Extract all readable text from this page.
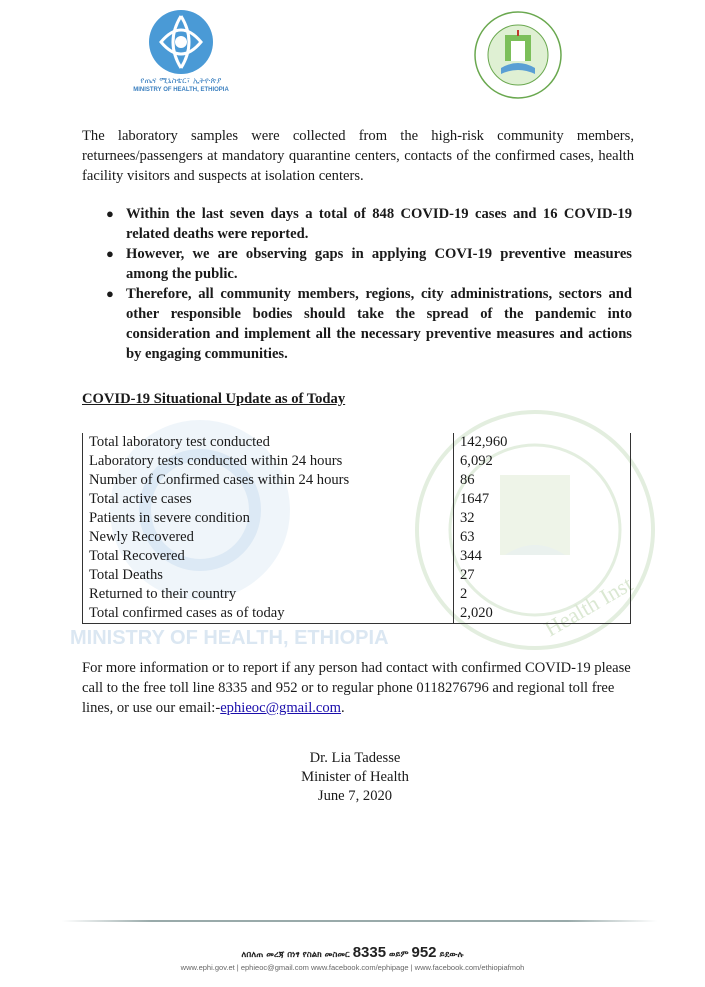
MINISTRY OF HEALTH, ETHIOPIA	Health Inst
የጤና ሚኒስቴር፣ ኢትዮጵያ
MINISTRY OF HEALTH, ETHIOPIA
The laboratory samples were collected from the high-risk community members, returnees/passengers at mandatory quarantine centers, contacts of the confirmed cases, health facility visitors and suspects at isolation centers.
● Within the last seven days a total of 848 COVID-19 cases and 16 COVID-19 related deaths were reported.
● However, we are observing gaps in applying COVI-19 preventive measures among the public.
● Therefore, all community members, regions, city administrations, sectors and other responsible bodies should take the spread of the pandemic into consideration and implement all the necessary preventive measures and actions by engaging communities.
COVID-19 Situational Update as of Today
Total laboratory test conducted	142,960
Laboratory tests conducted within 24 hours	6,092
Number of Confirmed cases within 24 hours	86
Total active cases	1647
Patients in severe condition	32
Newly Recovered	63
Total Recovered	344
Total Deaths	27
Returned to their country	2
Total confirmed cases as of today	2,020
For more information or to report if any person had contact with confirmed COVID-19 please call to the free toll line 8335 and 952 or to regular phone 0118276796 and regional toll free lines, or use our email:-ephieoc@gmail.com.
Dr. Lia Tadesse
Minister of Health
June 7, 2020
ለበለጠ መረጃ በነፃ የስልክ መስመር 8335 ወይም 952 ይደውሉ
www.ephi.gov.et | ephieoc@gmail.com www.facebook.com/ephipage | www.facebook.com/ethiopiafmoh
